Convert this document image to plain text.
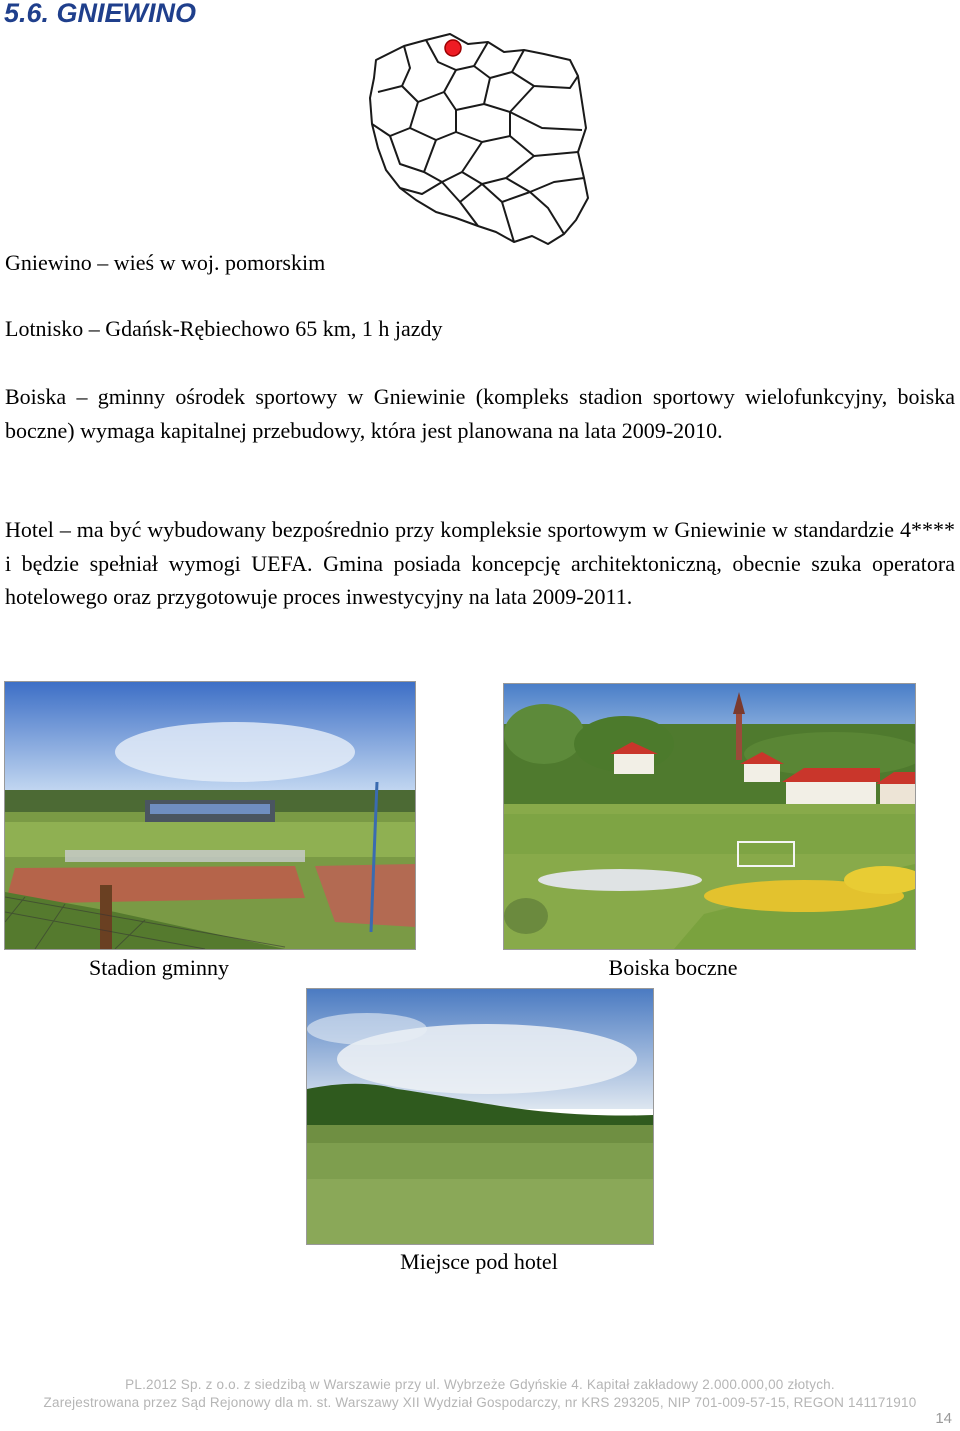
5.6. GNIEWINO

Gniewino – wieś w woj. pomorskim

Lotnisko – Gdańsk-Rębiechowo 65 km, 1 h jazdy

Boiska – gminny ośrodek sportowy w Gniewinie (kompleks stadion sportowy wielofunkcyjny, boiska boczne) wymaga kapitalnej przebudowy, która jest planowana na lata 2009-2010.

Hotel – ma być wybudowany bezpośrednio przy kompleksie sportowym w Gniewinie w standardzie 4**** i będzie spełniał wymogi UEFA. Gmina posiada koncepcję architektoniczną, obecnie szuka operatora hotelowego oraz przygotowuje proces inwestycyjny na lata 2009-2011.

Stadion gminny	Boiska boczne

Miejsce pod hotel

PL.2012 Sp. z o.o. z siedzibą w Warszawie przy ul. Wybrzeże Gdyńskie 4. Kapitał zakładowy 2.000.000,00 złotych.

Zarejestrowana przez Sąd Rejonowy dla m. st. Warszawy XII Wydział Gospodarczy, nr KRS 293205, NIP 701-009-57-15, REGON 141171910

14
